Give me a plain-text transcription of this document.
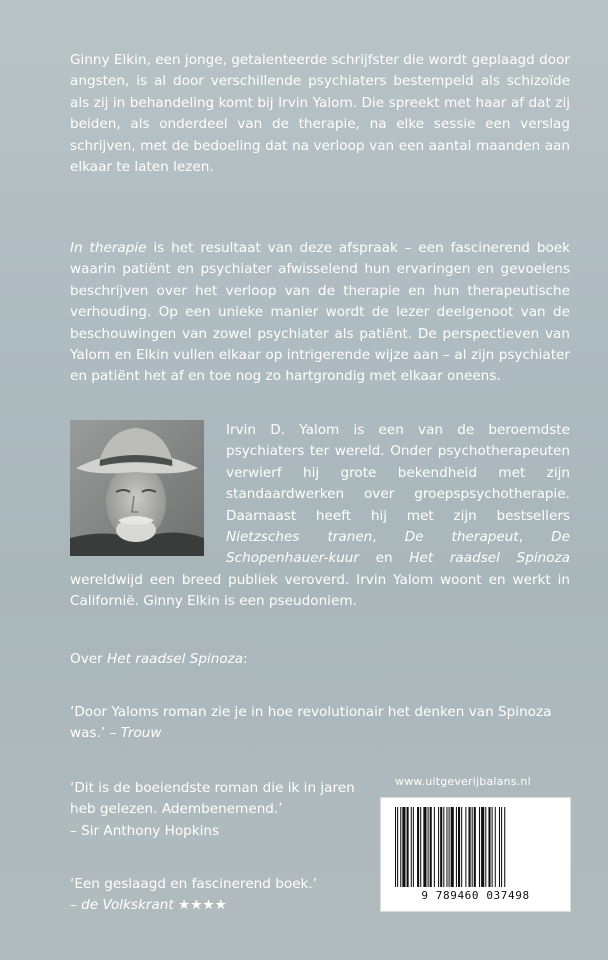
Ginny Elkin, een jonge, getalenteerde schrijfster die wordt geplaagd door angsten, is al door verschillende psychiaters bestempeld als schizoïde als zij in behandeling komt bij Irvin Yalom. Die spreekt met haar af dat zij beiden, als onderdeel van de therapie, na elke sessie een verslag schrijven, met de bedoeling dat na verloop van een aantal maanden aan elkaar te laten lezen.

In therapie is het resultaat van deze afspraak – een fascinerend boek waarin patiënt en psychiater afwisselend hun ervaringen en gevoelens beschrijven over het verloop van de therapie en hun therapeutische verhouding. Op een unieke manier wordt de lezer deelgenoot van de beschouwingen van zowel psychiater als patiënt. De perspectieven van Yalom en Elkin vullen elkaar op intrigerende wijze aan – al zijn psychiater en patiënt het af en toe nog zo hartgrondig met elkaar oneens.

Irvin D. Yalom is een van de beroemdste psychiaters ter wereld. Onder psychotherapeuten verwierf hij grote bekendheid met zijn standaardwerken over groepspsychotherapie. Daarnaast heeft hij met zijn bestsellers Nietzsches tranen, De therapeut, De Schopenhauer-kuur en Het raadsel Spinoza wereldwijd een breed publiek veroverd. Irvin Yalom woont en werkt in Californië. Ginny Elkin is een pseudoniem.
Over Het raadsel Spinoza:
‘Door Yaloms roman zie je in hoe revolutionair het denken van Spinoza was.’ – Trouw
‘Dit is de boeiendste roman die ik in jaren heb gelezen. Adembenemend.’
– Sir Anthony Hopkins
‘Een geslaagd en fascinerend boek.’
– de Volkskrant ★★★★
www.uitgeverijbalans.nl
9 789460 037498
